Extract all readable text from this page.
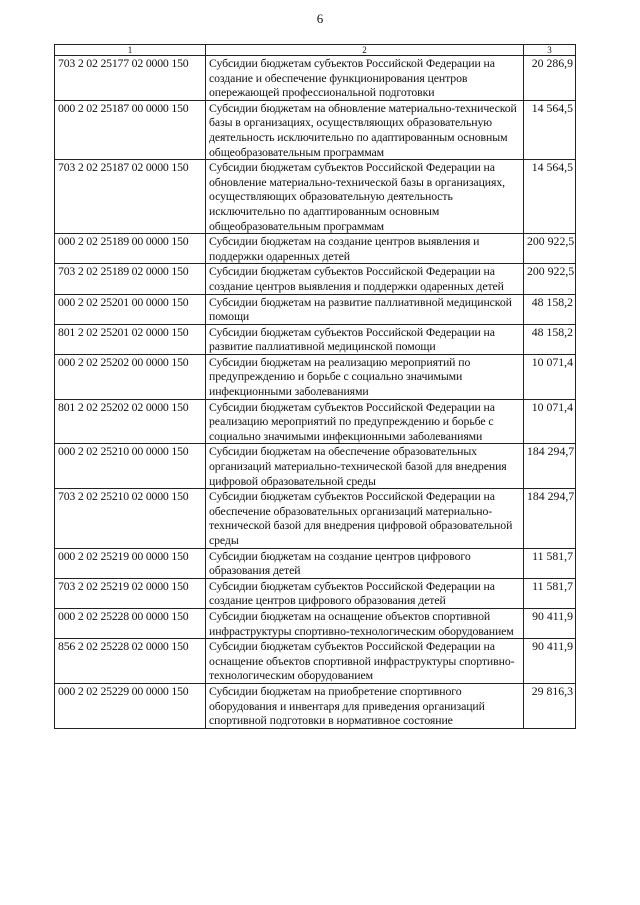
6
1	2	3
703 2 02 25177 02 0000 150	Субсидии бюджетам субъектов Российской Федерации на создание и обеспечение функционирования центров опережающей профессиональной подготовки	20 286,9
000 2 02 25187 00 0000 150	Субсидии бюджетам на обновление материально-технической базы в организациях, осуществляющих образовательную деятельность исключительно по адаптированным основным общеобразовательным программам	14 564,5
703 2 02 25187 02 0000 150	Субсидии бюджетам субъектов Российской Федерации на обновление материально-технической базы в организациях, осуществляющих образовательную деятельность исключительно по адаптированным основным общеобразовательным программам	14 564,5
000 2 02 25189 00 0000 150	Субсидии бюджетам на создание центров выявления и поддержки одаренных детей	200 922,5
703 2 02 25189 02 0000 150	Субсидии бюджетам субъектов Российской Федерации на создание центров выявления и поддержки одаренных детей	200 922,5
000 2 02 25201 00 0000 150	Субсидии бюджетам на развитие паллиативной медицинской помощи	48 158,2
801 2 02 25201 02 0000 150	Субсидии бюджетам субъектов Российской Федерации на развитие паллиативной медицинской помощи	48 158,2
000 2 02 25202 00 0000 150	Субсидии бюджетам на реализацию мероприятий по предупреждению и борьбе с социально значимыми инфекционными заболеваниями	10 071,4
801 2 02 25202 02 0000 150	Субсидии бюджетам субъектов Российской Федерации на реализацию мероприятий по предупреждению и борьбе с социально значимыми инфекционными заболеваниями	10 071,4
000 2 02 25210 00 0000 150	Субсидии бюджетам на обеспечение образовательных организаций материально-технической базой для внедрения цифровой образовательной среды	184 294,7
703 2 02 25210 02 0000 150	Субсидии бюджетам субъектов Российской Федерации на обеспечение образовательных организаций материально-технической базой для внедрения цифровой образовательной среды	184 294,7
000 2 02 25219 00 0000 150	Субсидии бюджетам на создание центров цифрового образования детей	11 581,7
703 2 02 25219 02 0000 150	Субсидии бюджетам субъектов Российской Федерации на создание центров цифрового образования детей	11 581,7
000 2 02 25228 00 0000 150	Субсидии бюджетам на оснащение объектов спортивной инфраструктуры спортивно-технологическим оборудованием	90 411,9
856 2 02 25228 02 0000 150	Субсидии бюджетам субъектов Российской Федерации на оснащение объектов спортивной инфраструктуры спортивно-технологическим оборудованием	90 411,9
000 2 02 25229 00 0000 150	Субсидии бюджетам на приобретение спортивного оборудования и инвентаря для приведения организаций спортивной подготовки в нормативное состояние	29 816,3
